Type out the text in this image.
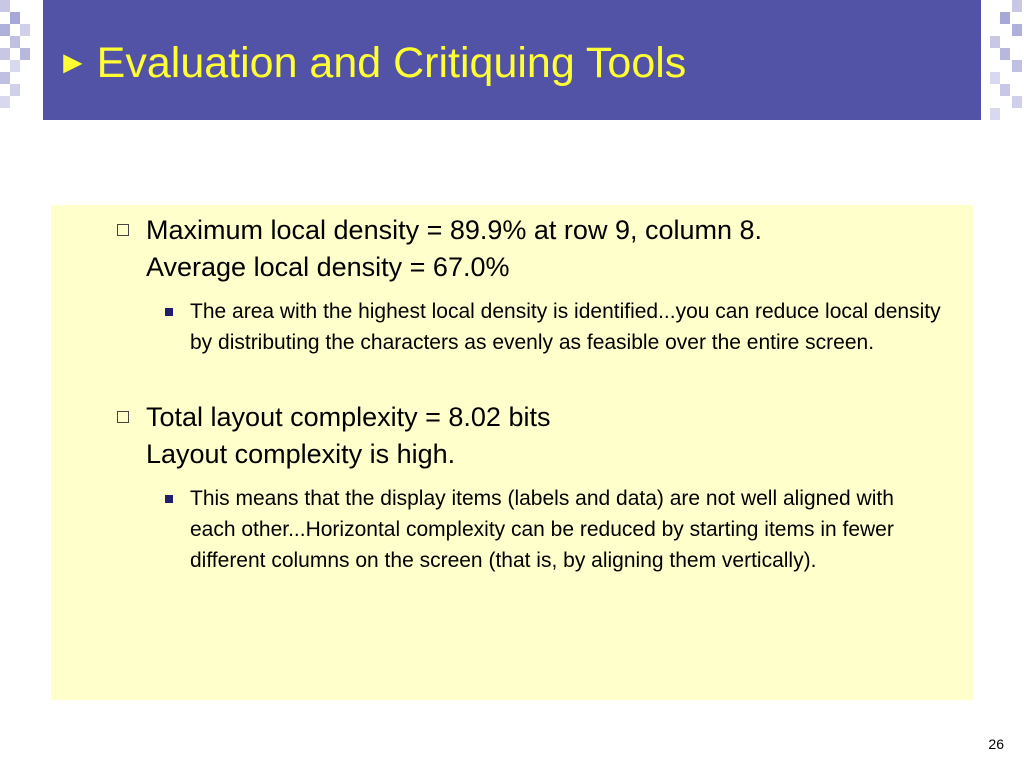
► Evaluation and Critiquing Tools
Maximum local density = 89.9% at row 9, column 8.
Average local density = 67.0%
The area with the highest local density is identified...you can reduce local density by distributing the characters as evenly as feasible over the entire screen.
Total layout complexity = 8.02 bits
Layout complexity is high.
This means that the display items (labels and data) are not well aligned with each other...Horizontal complexity can be reduced by starting items in fewer different columns on the screen (that is, by aligning them vertically).
26
